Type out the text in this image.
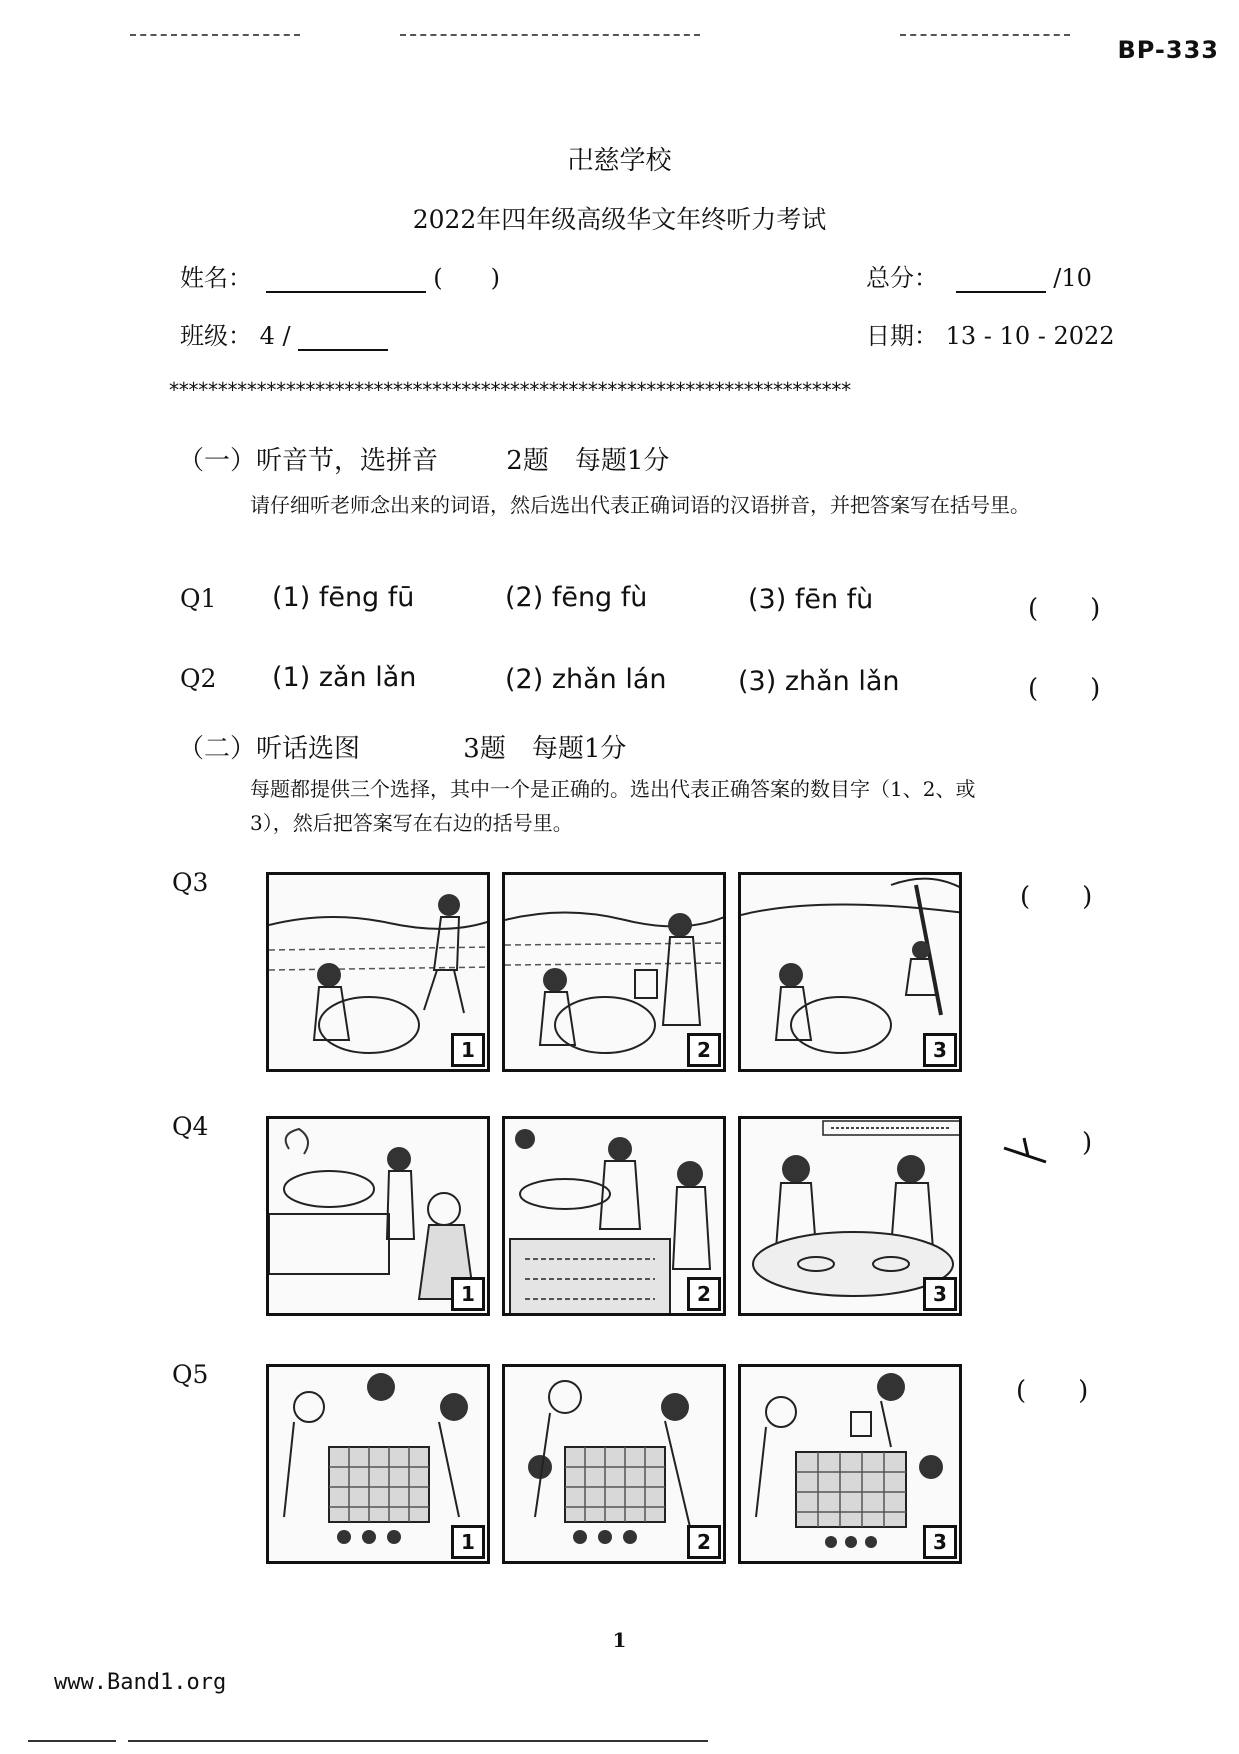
BP-333
卍慈学校
2022年四年级高级华文年终听力考试
姓名：	(　　)	总分：	/10
班级： 4 /	日期： 13 - 10 - 2022
**********************************************************************
（一）听音节，选拼音	2题　每题1分
请仔细听老师念出来的词语，然后选出代表正确词语的汉语拼音，并把答案写在括号里。
Q1 (1) fēng fū	(2) fēng fù	(3) fēn fù	(　　)
Q2 (1) zǎn lǎn	(2) zhǎn lán	(3) zhǎn lǎn	(　　)
（二）听话选图	3题　每题1分
每题都提供三个选择，其中一个是正确的。选出代表正确答案的数目字（1、2、或3），然后把答案写在右边的括号里。
Q3
1	2	3
(　　)
Q4
1	2	3
　　)
Q5
1	2	3
(　　)
1
www.Band1.org
